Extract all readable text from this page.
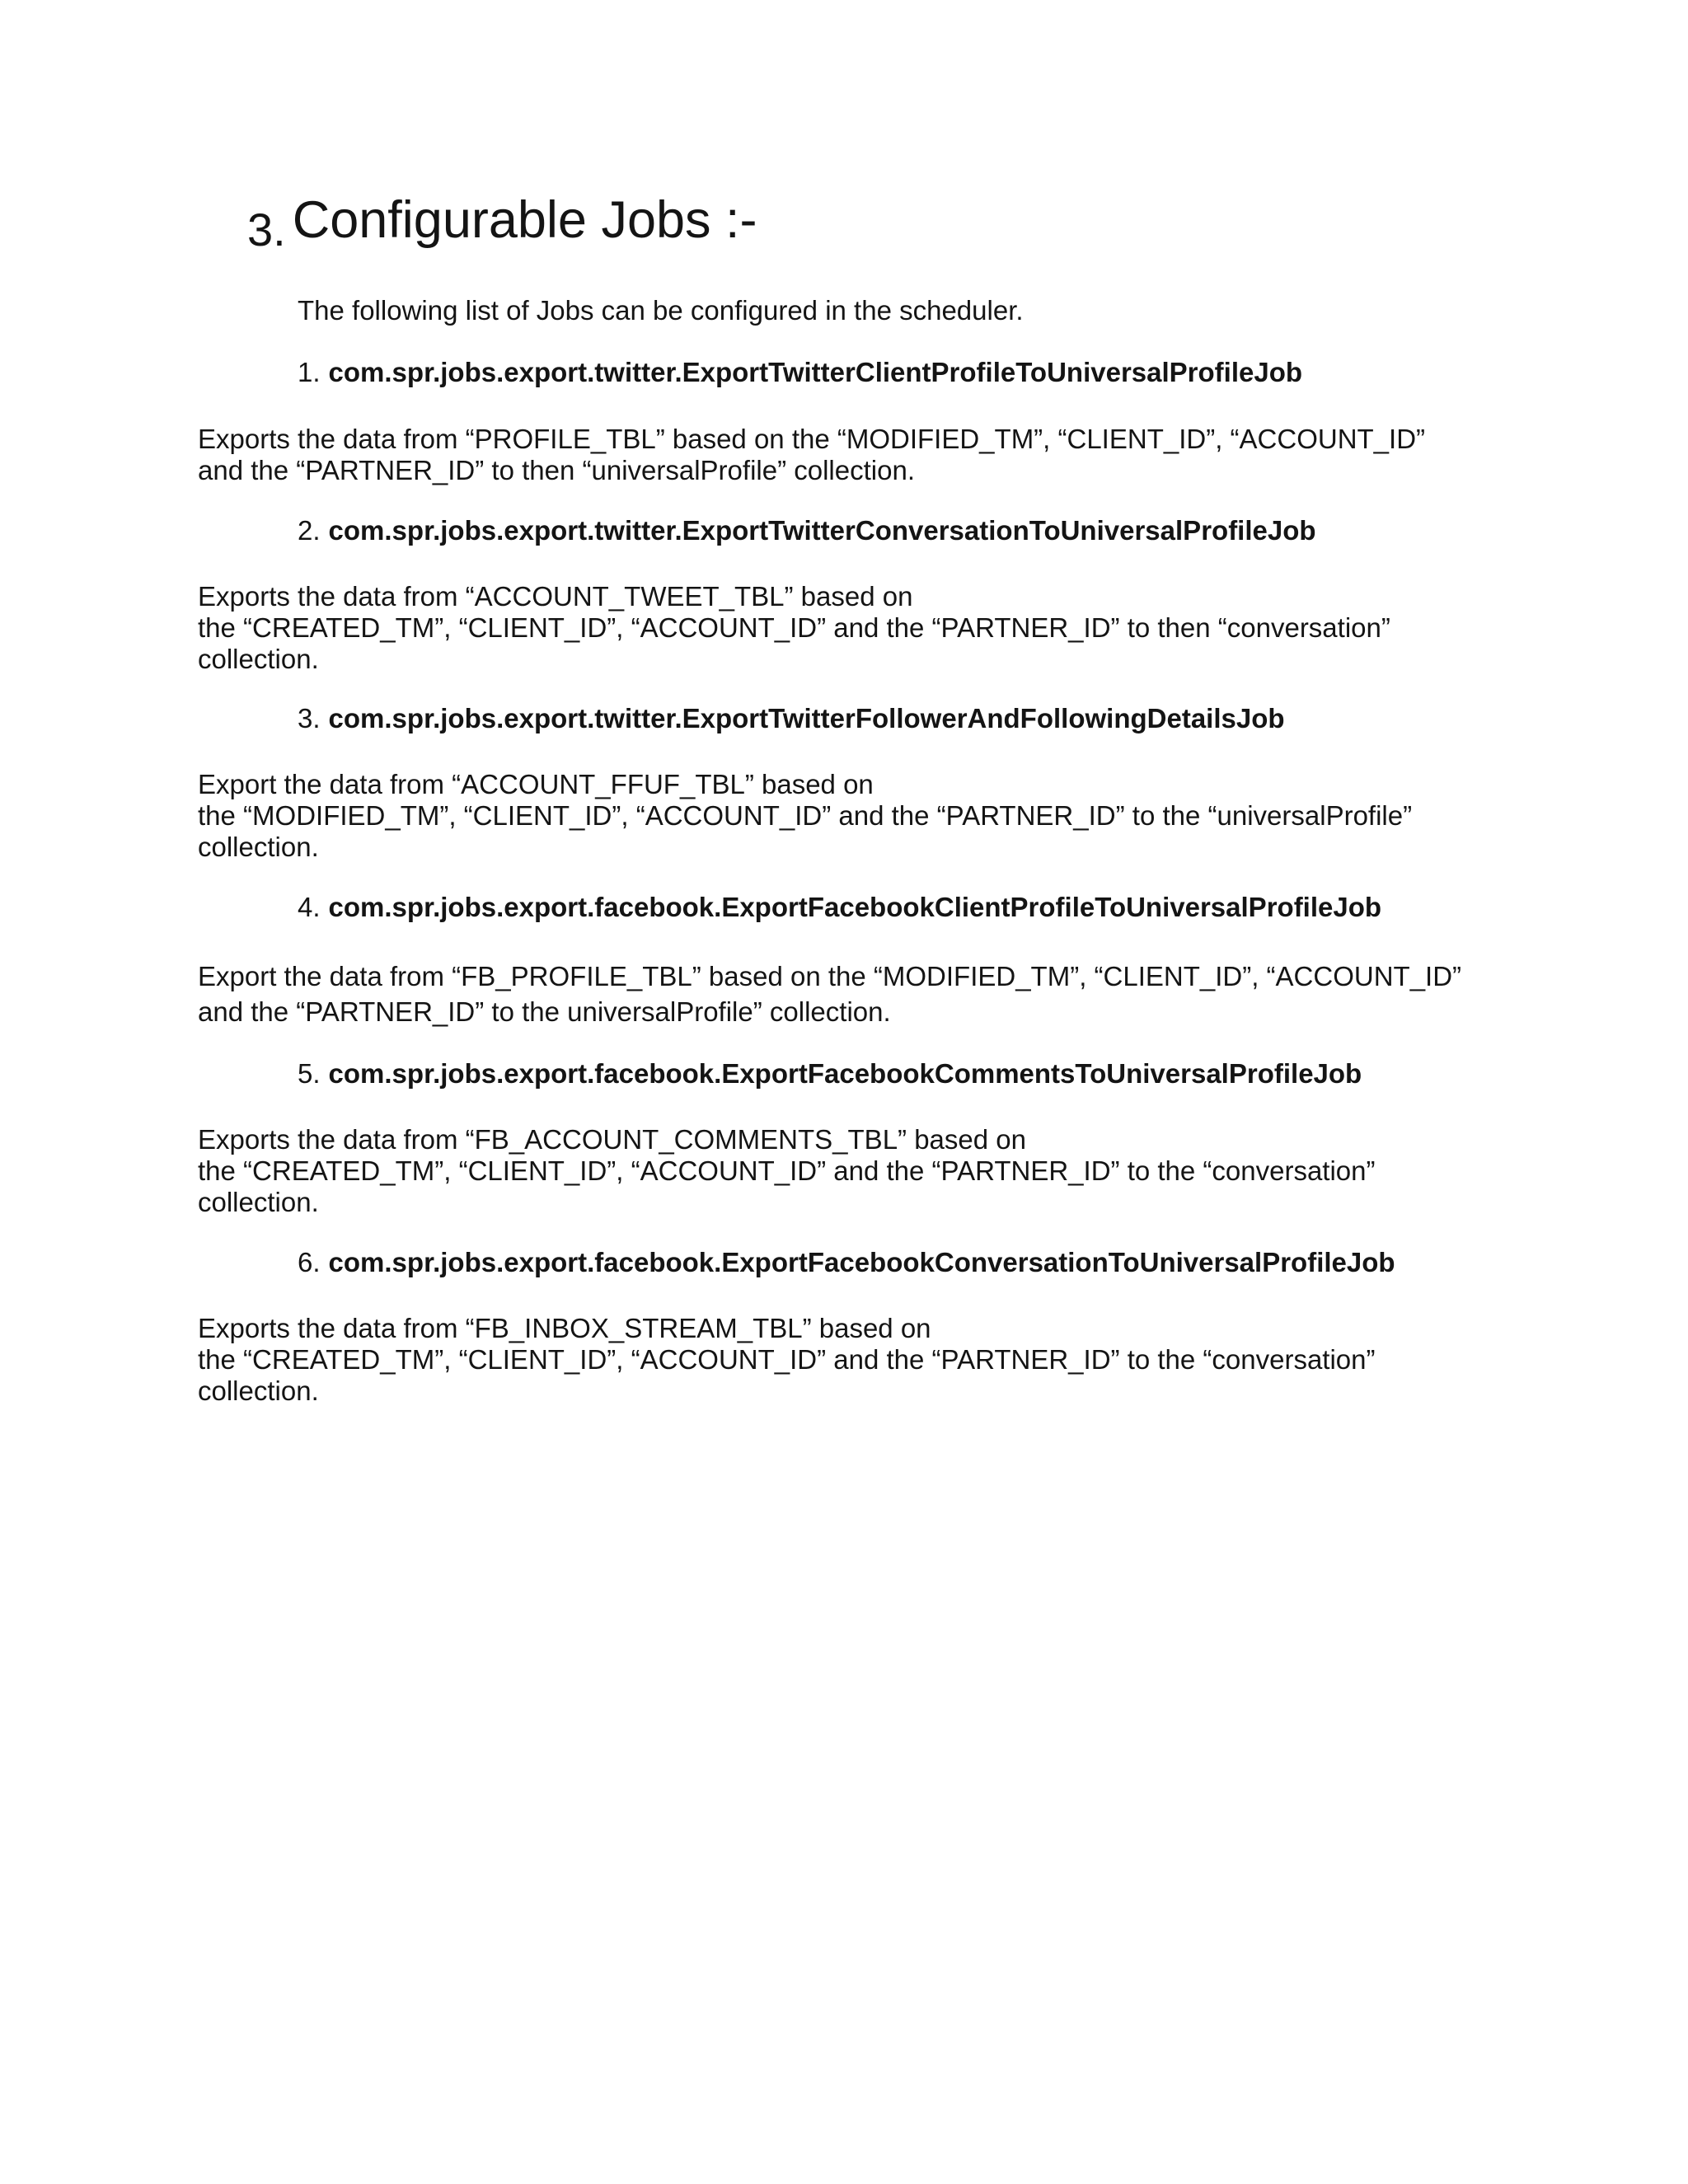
3. Configurable Jobs :-
The following list of Jobs can be configured in the scheduler.
1. com.spr.jobs.export.twitter.ExportTwitterClientProfileToUniversalProfileJob
Exports the data from “PROFILE_TBL” based on the “MODIFIED_TM”, “CLIENT_ID”, “ACCOUNT_ID”
and the “PARTNER_ID” to then “universalProfile” collection.
2. com.spr.jobs.export.twitter.ExportTwitterConversationToUniversalProfileJob
Exports the data from “ACCOUNT_TWEET_TBL” based on
the “CREATED_TM”, “CLIENT_ID”, “ACCOUNT_ID” and the “PARTNER_ID” to then “conversation”
collection.
3. com.spr.jobs.export.twitter.ExportTwitterFollowerAndFollowingDetailsJob
Export the data from “ACCOUNT_FFUF_TBL” based on
the “MODIFIED_TM”, “CLIENT_ID”, “ACCOUNT_ID” and the “PARTNER_ID” to the “universalProfile”
collection.
4. com.spr.jobs.export.facebook.ExportFacebookClientProfileToUniversalProfileJob
Export the data from “FB_PROFILE_TBL” based on the “MODIFIED_TM”, “CLIENT_ID”, “ACCOUNT_ID”
and the “PARTNER_ID” to the universalProfile” collection.
5. com.spr.jobs.export.facebook.ExportFacebookCommentsToUniversalProfileJob
Exports the data from “FB_ACCOUNT_COMMENTS_TBL” based on
the “CREATED_TM”, “CLIENT_ID”, “ACCOUNT_ID” and the “PARTNER_ID” to the “conversation”
collection.
6. com.spr.jobs.export.facebook.ExportFacebookConversationToUniversalProfileJob
Exports the data from “FB_INBOX_STREAM_TBL” based on
the “CREATED_TM”, “CLIENT_ID”, “ACCOUNT_ID” and the “PARTNER_ID” to the “conversation”
collection.
